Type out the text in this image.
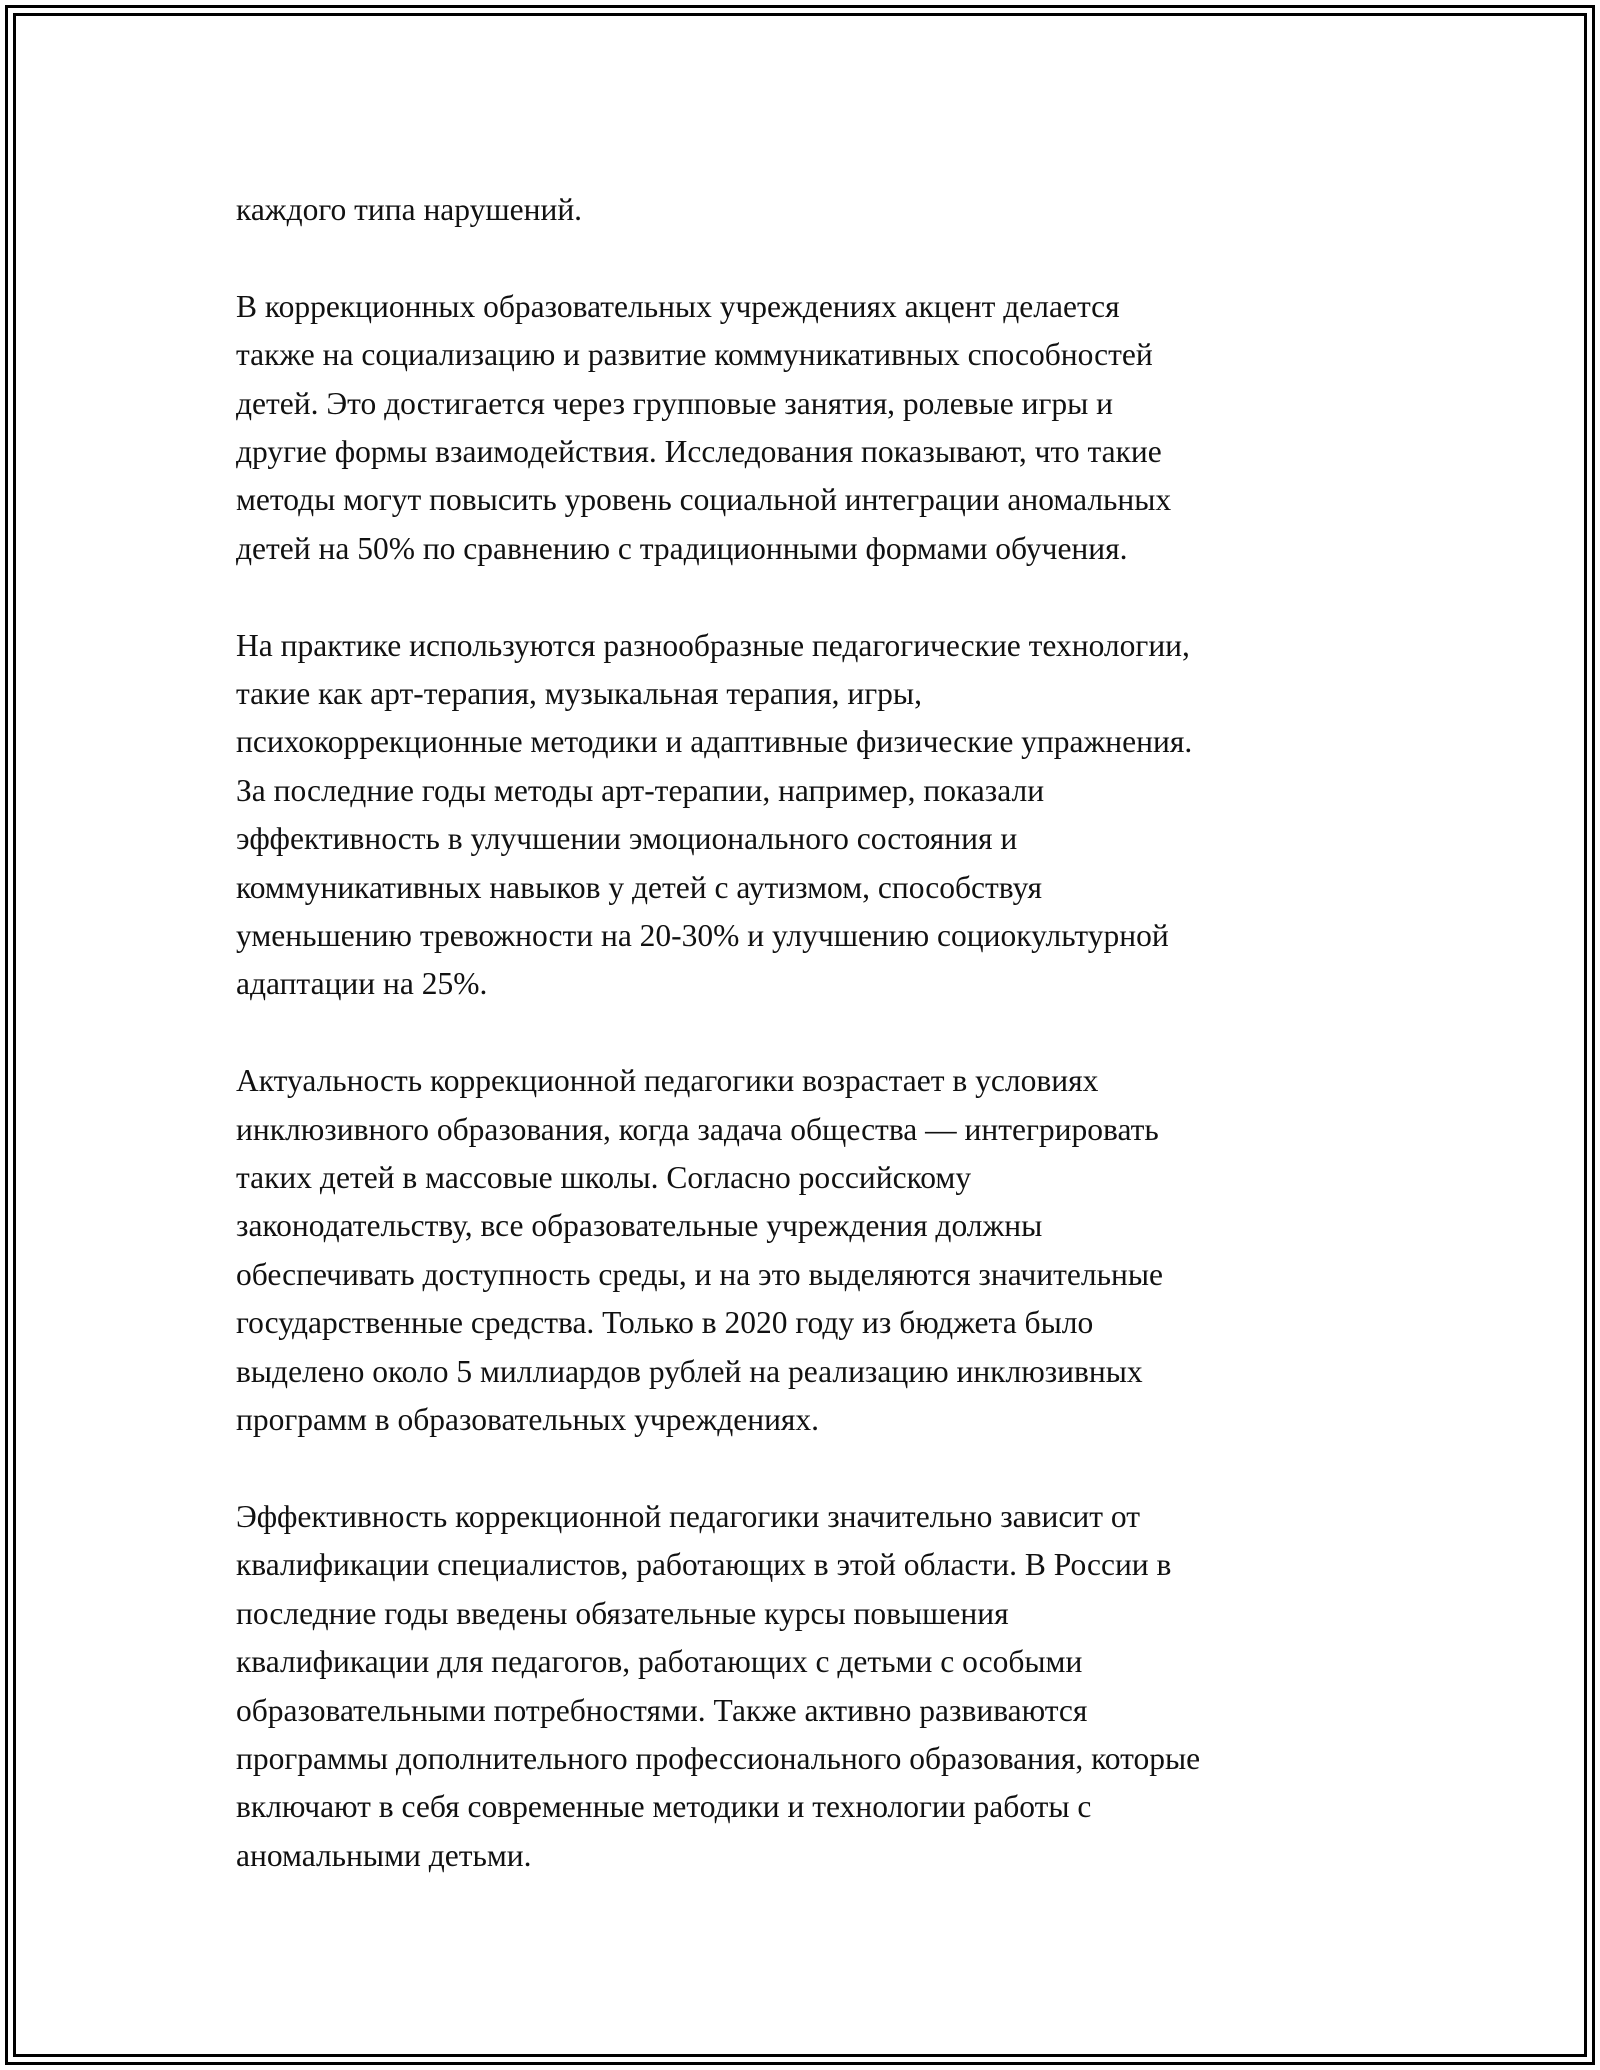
каждого типа нарушений.

В коррекционных образовательных учреждениях акцент делается
также на социализацию и развитие коммуникативных способностей
детей. Это достигается через групповые занятия, ролевые игры и
другие формы взаимодействия. Исследования показывают, что такие
методы могут повысить уровень социальной интеграции аномальных
детей на 50% по сравнению с традиционными формами обучения.

На практике используются разнообразные педагогические технологии,
такие как арт-терапия, музыкальная терапия, игры,
психокоррекционные методики и адаптивные физические упражнения.
За последние годы методы арт-терапии, например, показали
эффективность в улучшении эмоционального состояния и
коммуникативных навыков у детей с аутизмом, способствуя
уменьшению тревожности на 20-30% и улучшению социокультурной
адаптации на 25%.

Актуальность коррекционной педагогики возрастает в условиях
инклюзивного образования, когда задача общества — интегрировать
таких детей в массовые школы. Согласно российскому
законодательству, все образовательные учреждения должны
обеспечивать доступность среды, и на это выделяются значительные
государственные средства. Только в 2020 году из бюджета было
выделено около 5 миллиардов рублей на реализацию инклюзивных
программ в образовательных учреждениях.

Эффективность коррекционной педагогики значительно зависит от
квалификации специалистов, работающих в этой области. В России в
последние годы введены обязательные курсы повышения
квалификации для педагогов, работающих с детьми с особыми
образовательными потребностями. Также активно развиваются
программы дополнительного профессионального образования, которые
включают в себя современные методики и технологии работы с
аномальными детьми.
